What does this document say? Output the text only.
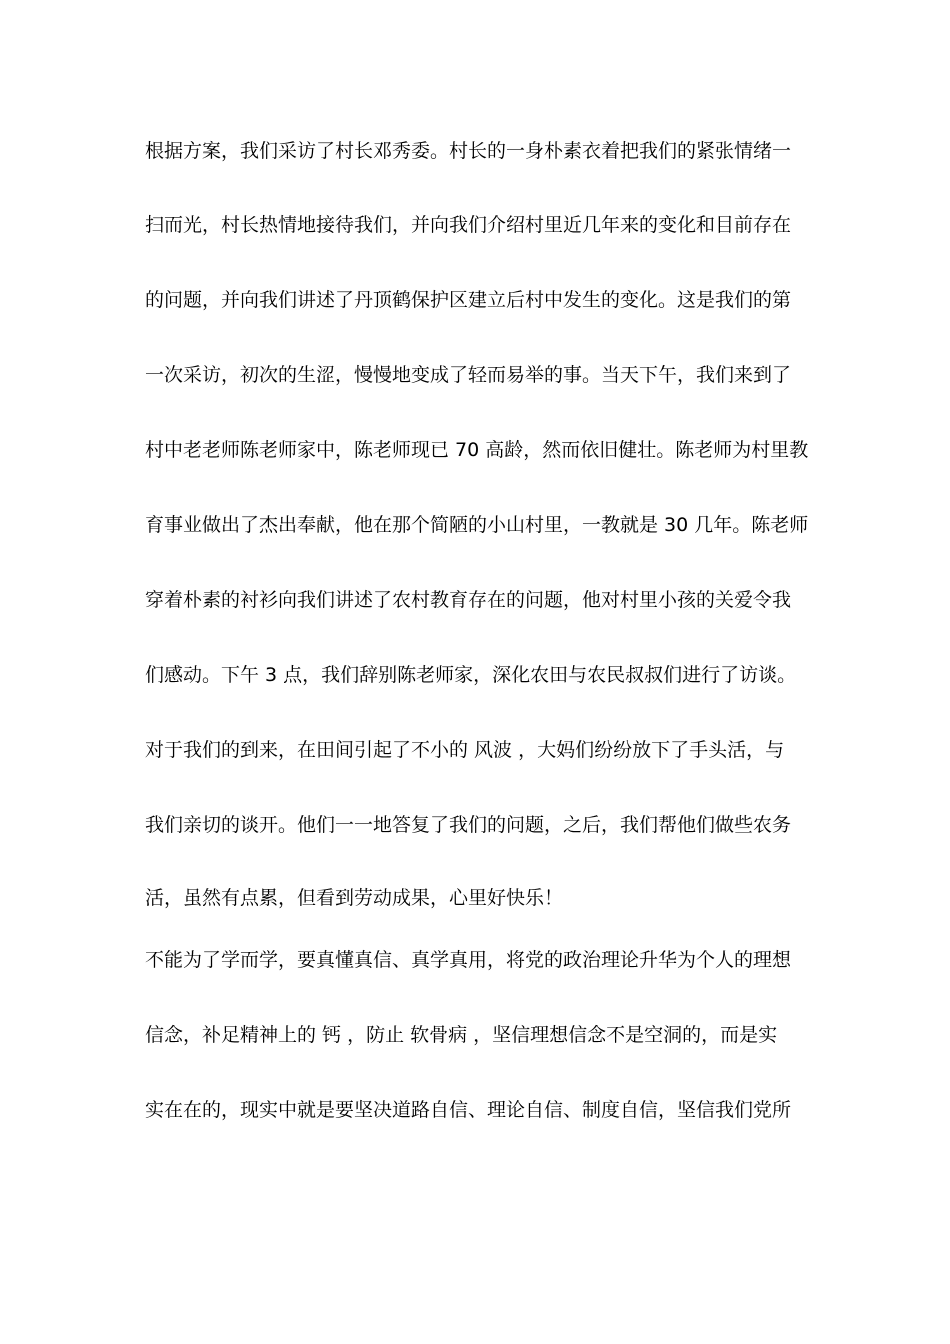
根据方案，我们采访了村长邓秀委。村长的一身朴素衣着把我们的紧张情绪一

扫而光，村长热情地接待我们，并向我们介绍村里近几年来的变化和目前存在

的问题，并向我们讲述了丹顶鹤保护区建立后村中发生的变化。这是我们的第

一次采访，初次的生涩，慢慢地变成了轻而易举的事。当天下午，我们来到了

村中老老师陈老师家中，陈老师现已 70 高龄，然而依旧健壮。陈老师为村里教

育事业做出了杰出奉献，他在那个简陋的小山村里，一教就是 30 几年。陈老师

穿着朴素的衬衫向我们讲述了农村教育存在的问题，他对村里小孩的关爱令我

们感动。下午 3 点，我们辞别陈老师家，深化农田与农民叔叔们进行了访谈。

对于我们的到来，在田间引起了不小的 风波 ，大妈们纷纷放下了手头活，与

我们亲切的谈开。他们一一地答复了我们的问题，之后，我们帮他们做些农务

活，虽然有点累，但看到劳动成果，心里好快乐！

不能为了学而学，要真懂真信、真学真用，将党的政治理论升华为个人的理想

信念，补足精神上的 钙 ，防止 软骨病 ，坚信理想信念不是空洞的，而是实

实在在的，现实中就是要坚决道路自信、理论自信、制度自信，坚信我们党所
